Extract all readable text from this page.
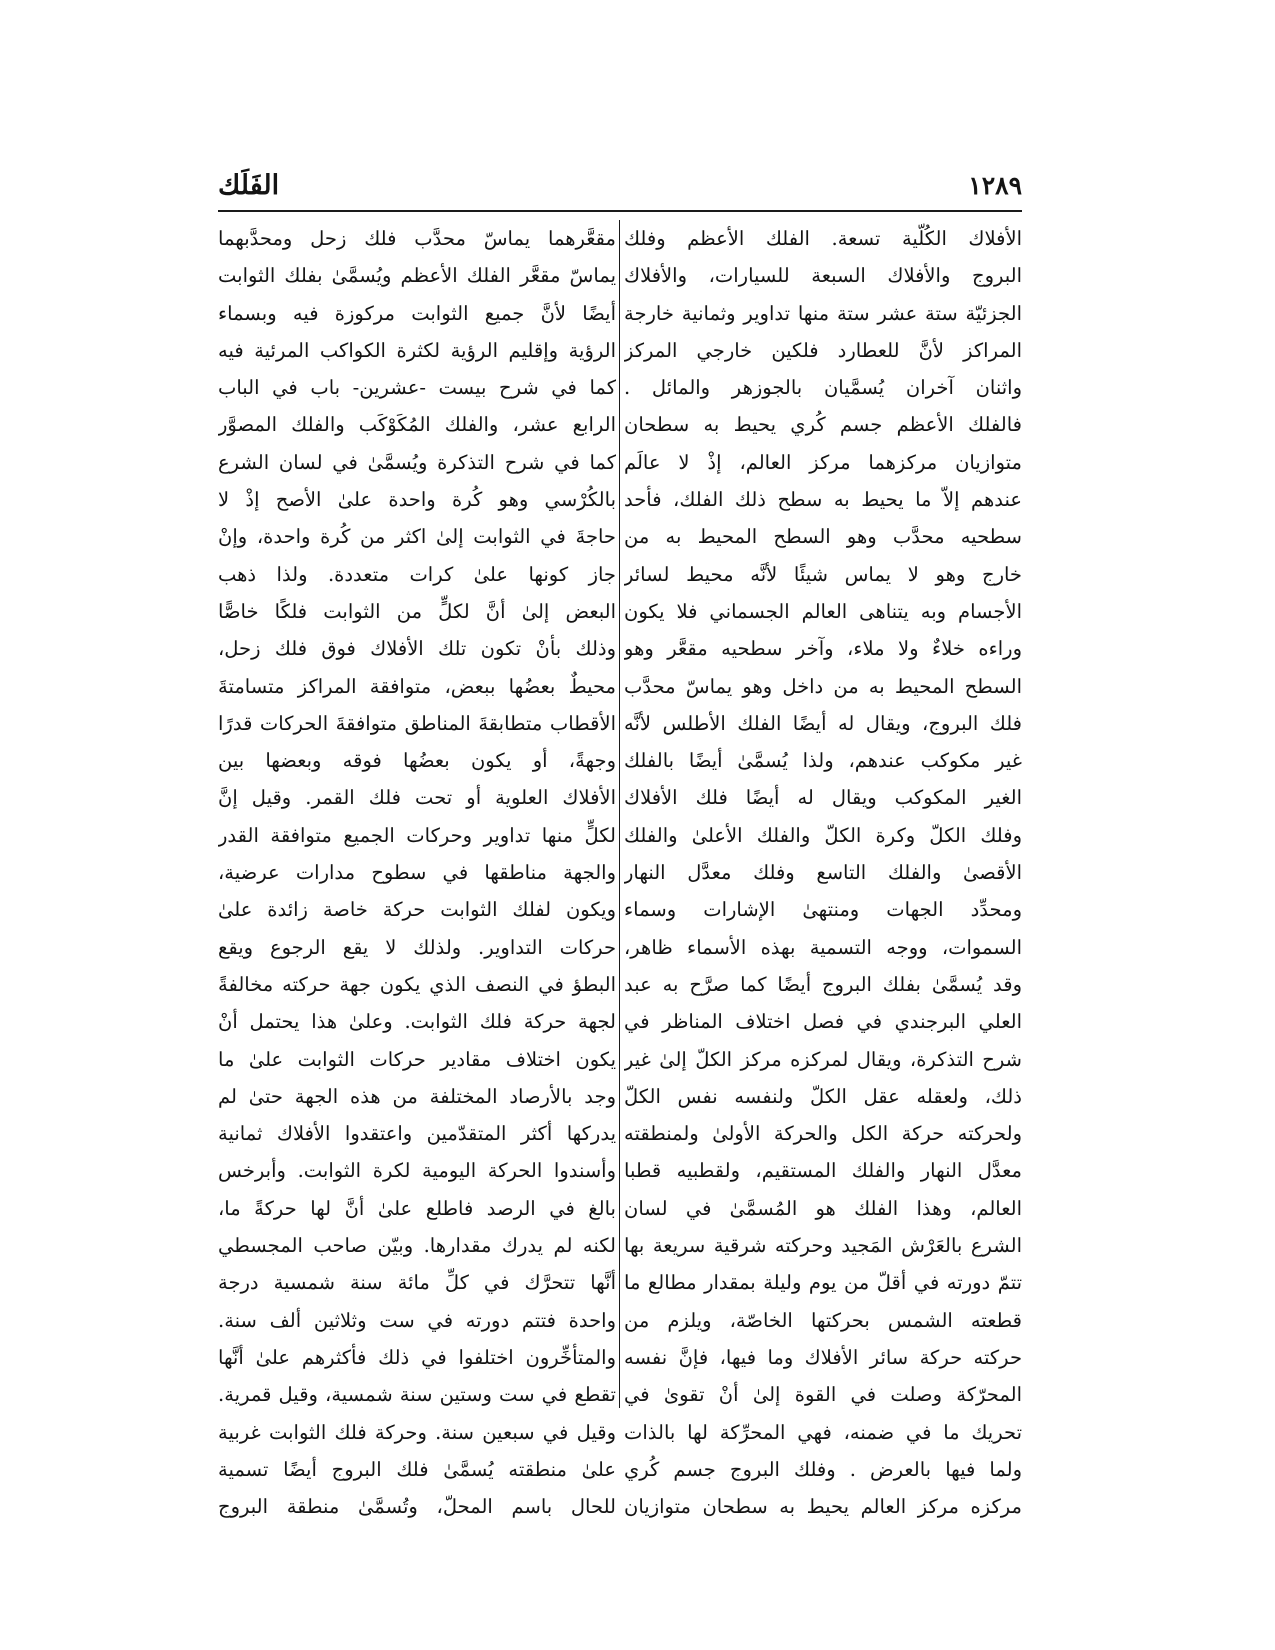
الفَلَك	١٢٨٩
الأفلاك الكُلّية تسعة. الفلك الأعظم وفلك
البروج والأفلاك السبعة للسيارات، والأفلاك
الجزئيّة ستة عشر ستة منها تداوير وثمانية خارجة
المراكز لأنَّ للعطارد فلكين خارجي المركز
واثنان آخران يُسمَّيان بالجوزهر والمائل .
فالفلك الأعظم جسم كُري يحيط به سطحان
متوازيان مركزهما مركز العالم، إذْ لا عالَم
عندهم إلاّ ما يحيط به سطح ذلك الفلك، فأحد
سطحيه محدَّب وهو السطح المحيط به من
خارج وهو لا يماس شيئًا لأنَّه محيط لسائر
الأجسام وبه يتناهى العالم الجسماني فلا يكون
وراءه خلاءٌ ولا ملاء، وآخر سطحيه مقعَّر وهو
السطح المحيط به من داخل وهو يماسّ محدَّب
فلك البروج، ويقال له أيضًا الفلك الأطلس لأنَّه
غير مكوكب عندهم، ولذا يُسمَّىٰ أيضًا بالفلك
الغير المكوكب ويقال له أيضًا فلك الأفلاك
وفلك الكلّ وكرة الكلّ والفلك الأعلىٰ والفلك
الأقصىٰ والفلك التاسع وفلك معدَّل النهار
ومحدِّد الجهات ومنتهىٰ الإشارات وسماء
السموات، ووجه التسمية بهذه الأسماء ظاهر،
وقد يُسمَّىٰ بفلك البروج أيضًا كما صرَّح به عبد
العلي البرجندي في فصل اختلاف المناظر في
شرح التذكرة، ويقال لمركزه مركز الكلّ إلىٰ غير
ذلك، ولعقله عقل الكلّ ولنفسه نفس الكلّ
ولحركته حركة الكل والحركة الأولىٰ ولمنطقته
معدَّل النهار والفلك المستقيم، ولقطبيه قطبا
العالم، وهذا الفلك هو المُسمَّىٰ في لسان
الشرع بالعَرْش المَجيد وحركته شرقية سريعة بها
تتمّ دورته في أقلّ من يوم وليلة بمقدار مطالع ما
قطعته الشمس بحركتها الخاصّة، ويلزم من
حركته حركة سائر الأفلاك وما فيها، فإنَّ نفسه
المحرّكة وصلت في القوة إلىٰ أنْ تقوىٰ في
تحريك ما في ضمنه، فهي المحرِّكة لها بالذات
ولما فيها بالعرض . وفلك البروج جسم كُري
مركزه مركز العالم يحيط به سطحان متوازيان
مقعَّرهما يماسّ محدَّب فلك زحل ومحدَّبهما
يماسّ مقعَّر الفلك الأعظم ويُسمَّىٰ بفلك الثوابت
أيضًا لأنَّ جميع الثوابت مركوزة فيه وبسماء
الرؤية وإقليم الرؤية لكثرة الكواكب المرئية فيه
كما في شرح بيست -عشرين- باب في الباب
الرابع عشر، والفلك المُكَوْكَب والفلك المصوَّر
كما في شرح التذكرة ويُسمَّىٰ في لسان الشرع
بالكُرْسي وهو كُرة واحدة علىٰ الأصح إذْ لا
حاجةَ في الثوابت إلىٰ اكثر من كُرة واحدة، وإنْ
جاز كونها علىٰ كرات متعددة. ولذا ذهب
البعض إلىٰ أنَّ لكلٍّ من الثوابت فلكًا خاصًّا
وذلك بأنْ تكون تلك الأفلاك فوق فلك زحل،
محيطٌ بعضُها ببعض، متوافقة المراكز متسامتةَ
الأقطاب متطابقةَ المناطق متوافقةَ الحركات قدرًا
وجهةً، أو يكون بعضُها فوقه وبعضها بين
الأفلاك العلوية أو تحت فلك القمر. وقيل إنَّ
لكلٍّ منها تداوير وحركات الجميع متوافقة القدر
والجهة مناطقها في سطوح مدارات عرضية،
ويكون لفلك الثوابت حركة خاصة زائدة علىٰ
حركات التداوير. ولذلك لا يقع الرجوع ويقع
البطؤ في النصف الذي يكون جهة حركته مخالفةً
لجهة حركة فلك الثوابت. وعلىٰ هذا يحتمل أنْ
يكون اختلاف مقادير حركات الثوابت علىٰ ما
وجد بالأرصاد المختلفة من هذه الجهة حتىٰ لم
يدركها أكثر المتقدّمين واعتقدوا الأفلاك ثمانية
وأسندوا الحركة اليومية لكرة الثوابت. وأبرخس
بالغ في الرصد فاطلع علىٰ أنَّ لها حركةً ما،
لكنه لم يدرك مقدارها. وبيّن صاحب المجسطي
أنَّها تتحرَّك في كلِّ مائة سنة شمسية درجة
واحدة فتتم دورته في ست وثلاثين ألف سنة.
والمتأخِّرون اختلفوا في ذلك فأكثرهم علىٰ أنَّها
تقطع في ست وستين سنة شمسية، وقيل قمرية.
وقيل في سبعين سنة. وحركة فلك الثوابت غربية
علىٰ منطقته يُسمَّىٰ فلك البروج أيضًا تسمية
للحال باسم المحلّ، وتُسمَّىٰ منطقة البروج
